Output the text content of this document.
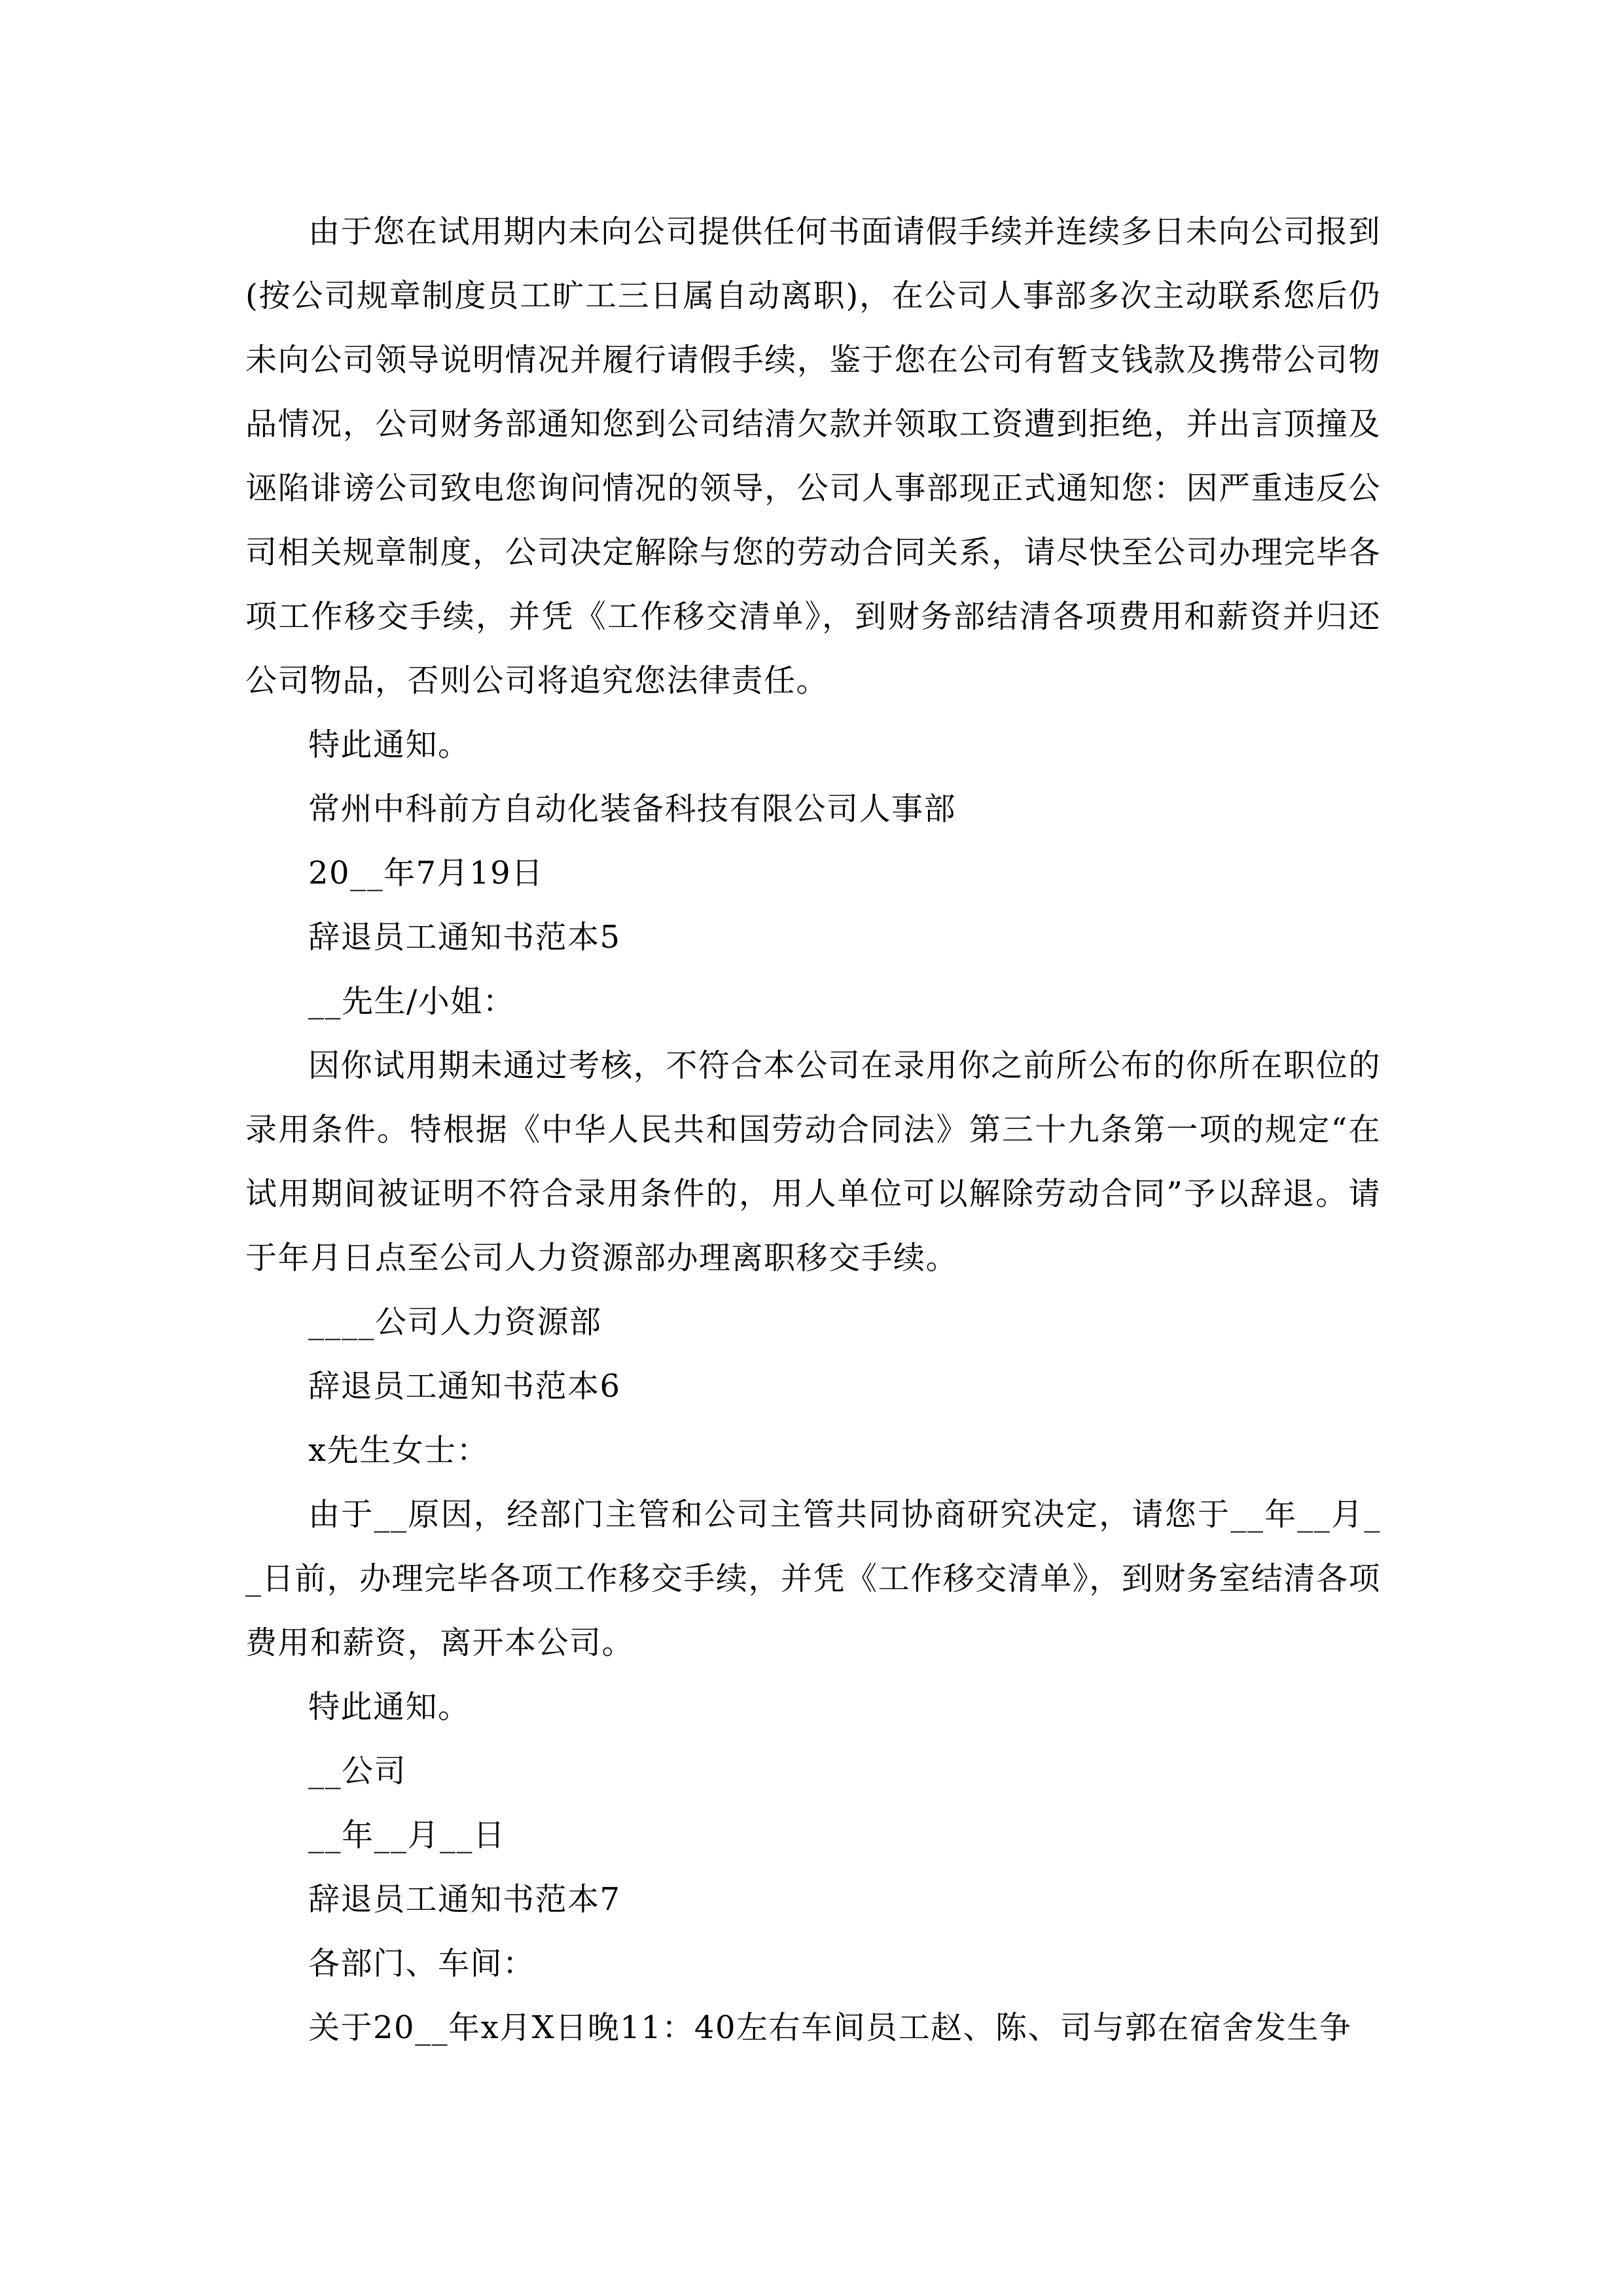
由于您在试用期内未向公司提供任何书面请假手续并连续多日未向公司报到(按公司规章制度员工旷工三日属自动离职)，在公司人事部多次主动联系您后仍未向公司领导说明情况并履行请假手续，鉴于您在公司有暂支钱款及携带公司物品情况，公司财务部通知您到公司结清欠款并领取工资遭到拒绝，并出言顶撞及诬陷诽谤公司致电您询问情况的领导，公司人事部现正式通知您：因严重违反公司相关规章制度，公司决定解除与您的劳动合同关系，请尽快至公司办理完毕各项工作移交手续，并凭《工作移交清单》，到财务部结清各项费用和薪资并归还公司物品，否则公司将追究您法律责任。

特此通知。

常州中科前方自动化装备科技有限公司人事部

20__年7月19日

辞退员工通知书范本5

__先生/小姐：

因你试用期未通过考核，不符合本公司在录用你之前所公布的你所在职位的录用条件。特根据《中华人民共和国劳动合同法》第三十九条第一项的规定“在试用期间被证明不符合录用条件的，用人单位可以解除劳动合同”予以辞退。请于年月日点至公司人力资源部办理离职移交手续。

____公司人力资源部

辞退员工通知书范本6

x先生女士：

由于__原因，经部门主管和公司主管共同协商研究决定，请您于__年__月__日前，办理完毕各项工作移交手续，并凭《工作移交清单》，到财务室结清各项费用和薪资，离开本公司。

特此通知。

__公司

__年__月__日

辞退员工通知书范本7

各部门、车间：

关于20__年x月X日晚11：40左右车间员工赵、陈、司与郭在宿舍发生争
